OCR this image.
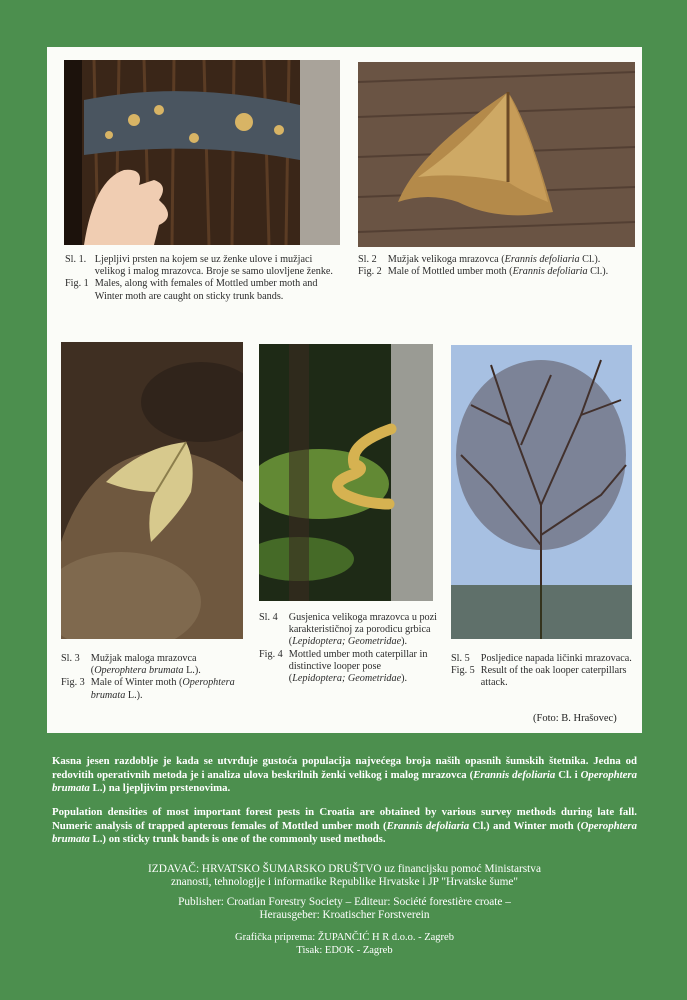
Sl. 1.	Ljepljivi prsten na kojem se uz ženke ulove i mužjaci velikog i malog mrazovca. Broje se samo ulovljene ženke.
Fig. 1	Males, along with females of Mottled umber moth and Winter moth are caught on sticky trunk bands.
Sl. 2	Mužjak velikoga mrazovca (Erannis defoliaria Cl.).
Fig. 2	Male of Mottled umber moth (Erannis defoliaria Cl.).
Sl. 3	Mužjak maloga mrazovca (Operophtera brumata L.).
Fig. 3	Male of Winter moth (Operophtera brumata L.).
Sl. 4	Gusjenica velikoga mrazovca u pozi karakterističnoj za porodicu grbica (Lepidoptera; Geometridae).
Fig. 4	Mottled umber moth caterpillar in distinctive looper pose (Lepidoptera; Geometridae).
Sl. 5	Posljedice napada ličinki mrazovaca.
Fig. 5	Result of the oak looper caterpillars attack.
(Foto: B. Hrašovec)
Kasna jesen razdoblje je kada se utvrđuje gustoća populacija najvećega broja naših opasnih šumskih štetnika. Jedna od redovitih operativnih metoda je i analiza ulova beskrilnih ženki velikog i malog mrazovca (Erannis defoliaria Cl. i Operophtera brumata L.) na ljepljivim prstenovima.
Population densities of most important forest pests in Croatia are obtained by various survey methods during late fall. Numeric analysis of trapped apterous females of Mottled umber moth (Erannis defoliaria Cl.) and Winter moth (Operophtera brumata L.) on sticky trunk bands is one of the commonly used methods.
IZDAVAČ: HRVATSKO ŠUMARSKO DRUŠTVO uz financijsku pomoć Ministarstva
znanosti, tehnologije i informatike Republike Hrvatske i JP "Hrvatske šume"
Publisher: Croatian Forestry Society – Editeur: Société forestière croate –
Herausgeber: Kroatischer Forstverein
Grafička priprema: ŽUPANČIĆ H R d.o.o. - Zagreb
Tisak: EDOK - Zagreb
